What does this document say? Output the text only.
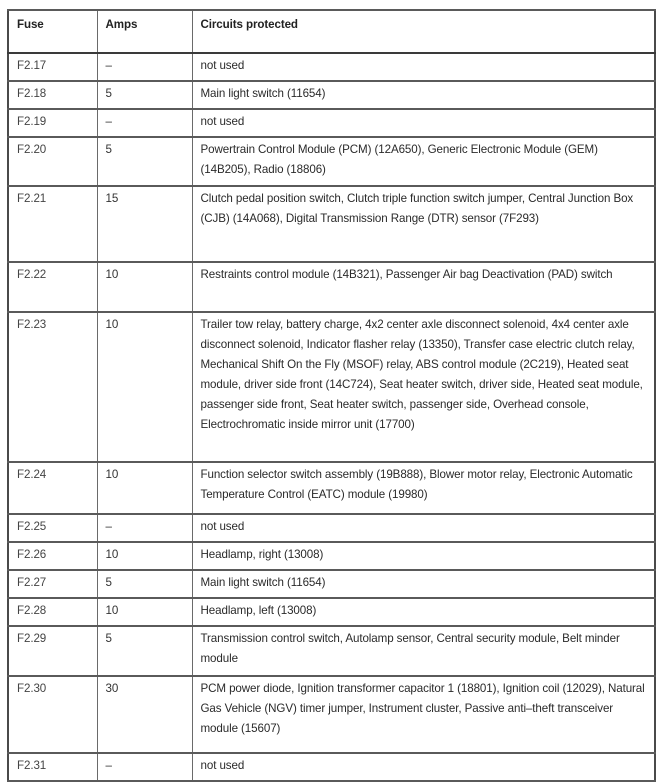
Fuse	Amps	Circuits protected
F2.17	–	not used
F2.18	5	Main light switch (11654)
F2.19	–	not used
F2.20	5	Powertrain Control Module (PCM) (12A650), Generic Electronic Module (GEM) (14B205), Radio (18806)
F2.21	15	Clutch pedal position switch, Clutch triple function switch jumper, Central Junction Box (CJB) (14A068), Digital Transmission Range (DTR) sensor (7F293)
F2.22	10	Restraints control module (14B321), Passenger Air bag Deactivation (PAD) switch
F2.23	10	Trailer tow relay, battery charge, 4x2 center axle disconnect solenoid, 4x4 center axle disconnect solenoid, Indicator flasher relay (13350), Transfer case electric clutch relay, Mechanical Shift On the Fly (MSOF) relay, ABS control module (2C219), Heated seat module, driver side front (14C724), Seat heater switch, driver side, Heated seat module, passenger side front, Seat heater switch, passenger side, Overhead console, Electrochromatic inside mirror unit (17700)
F2.24	10	Function selector switch assembly (19B888), Blower motor relay, Electronic Automatic Temperature Control (EATC) module (19980)
F2.25	–	not used
F2.26	10	Headlamp, right (13008)
F2.27	5	Main light switch (11654)
F2.28	10	Headlamp, left (13008)
F2.29	5	Transmission control switch, Autolamp sensor, Central security module, Belt minder module
F2.30	30	PCM power diode, Ignition transformer capacitor 1 (18801), Ignition coil (12029), Natural Gas Vehicle (NGV) timer jumper, Instrument cluster, Passive anti–theft transceiver module (15607)
F2.31	–	not used
